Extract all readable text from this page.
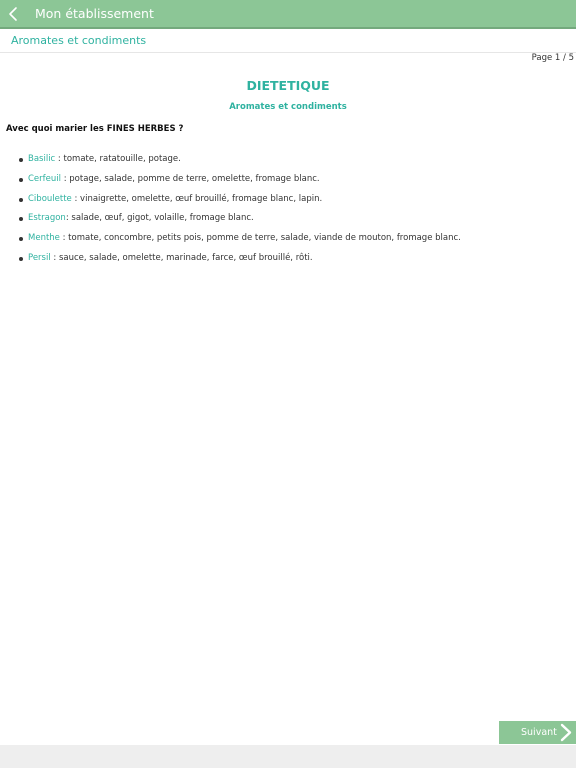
Mon établissement
Aromates et condiments
Page 1 / 5
DIETETIQUE
Aromates et condiments
Avec quoi marier les FINES HERBES ?
Basilic : tomate, ratatouille, potage.
Cerfeuil : potage, salade, pomme de terre, omelette, fromage blanc.
Ciboulette : vinaigrette, omelette, œuf brouillé, fromage blanc, lapin.
Estragon: salade, œuf, gigot, volaille, fromage blanc.
Menthe : tomate, concombre, petits pois, pomme de terre, salade, viande de mouton, fromage blanc.
Persil : sauce, salade, omelette, marinade, farce, œuf brouillé, rôti.
Suivant
